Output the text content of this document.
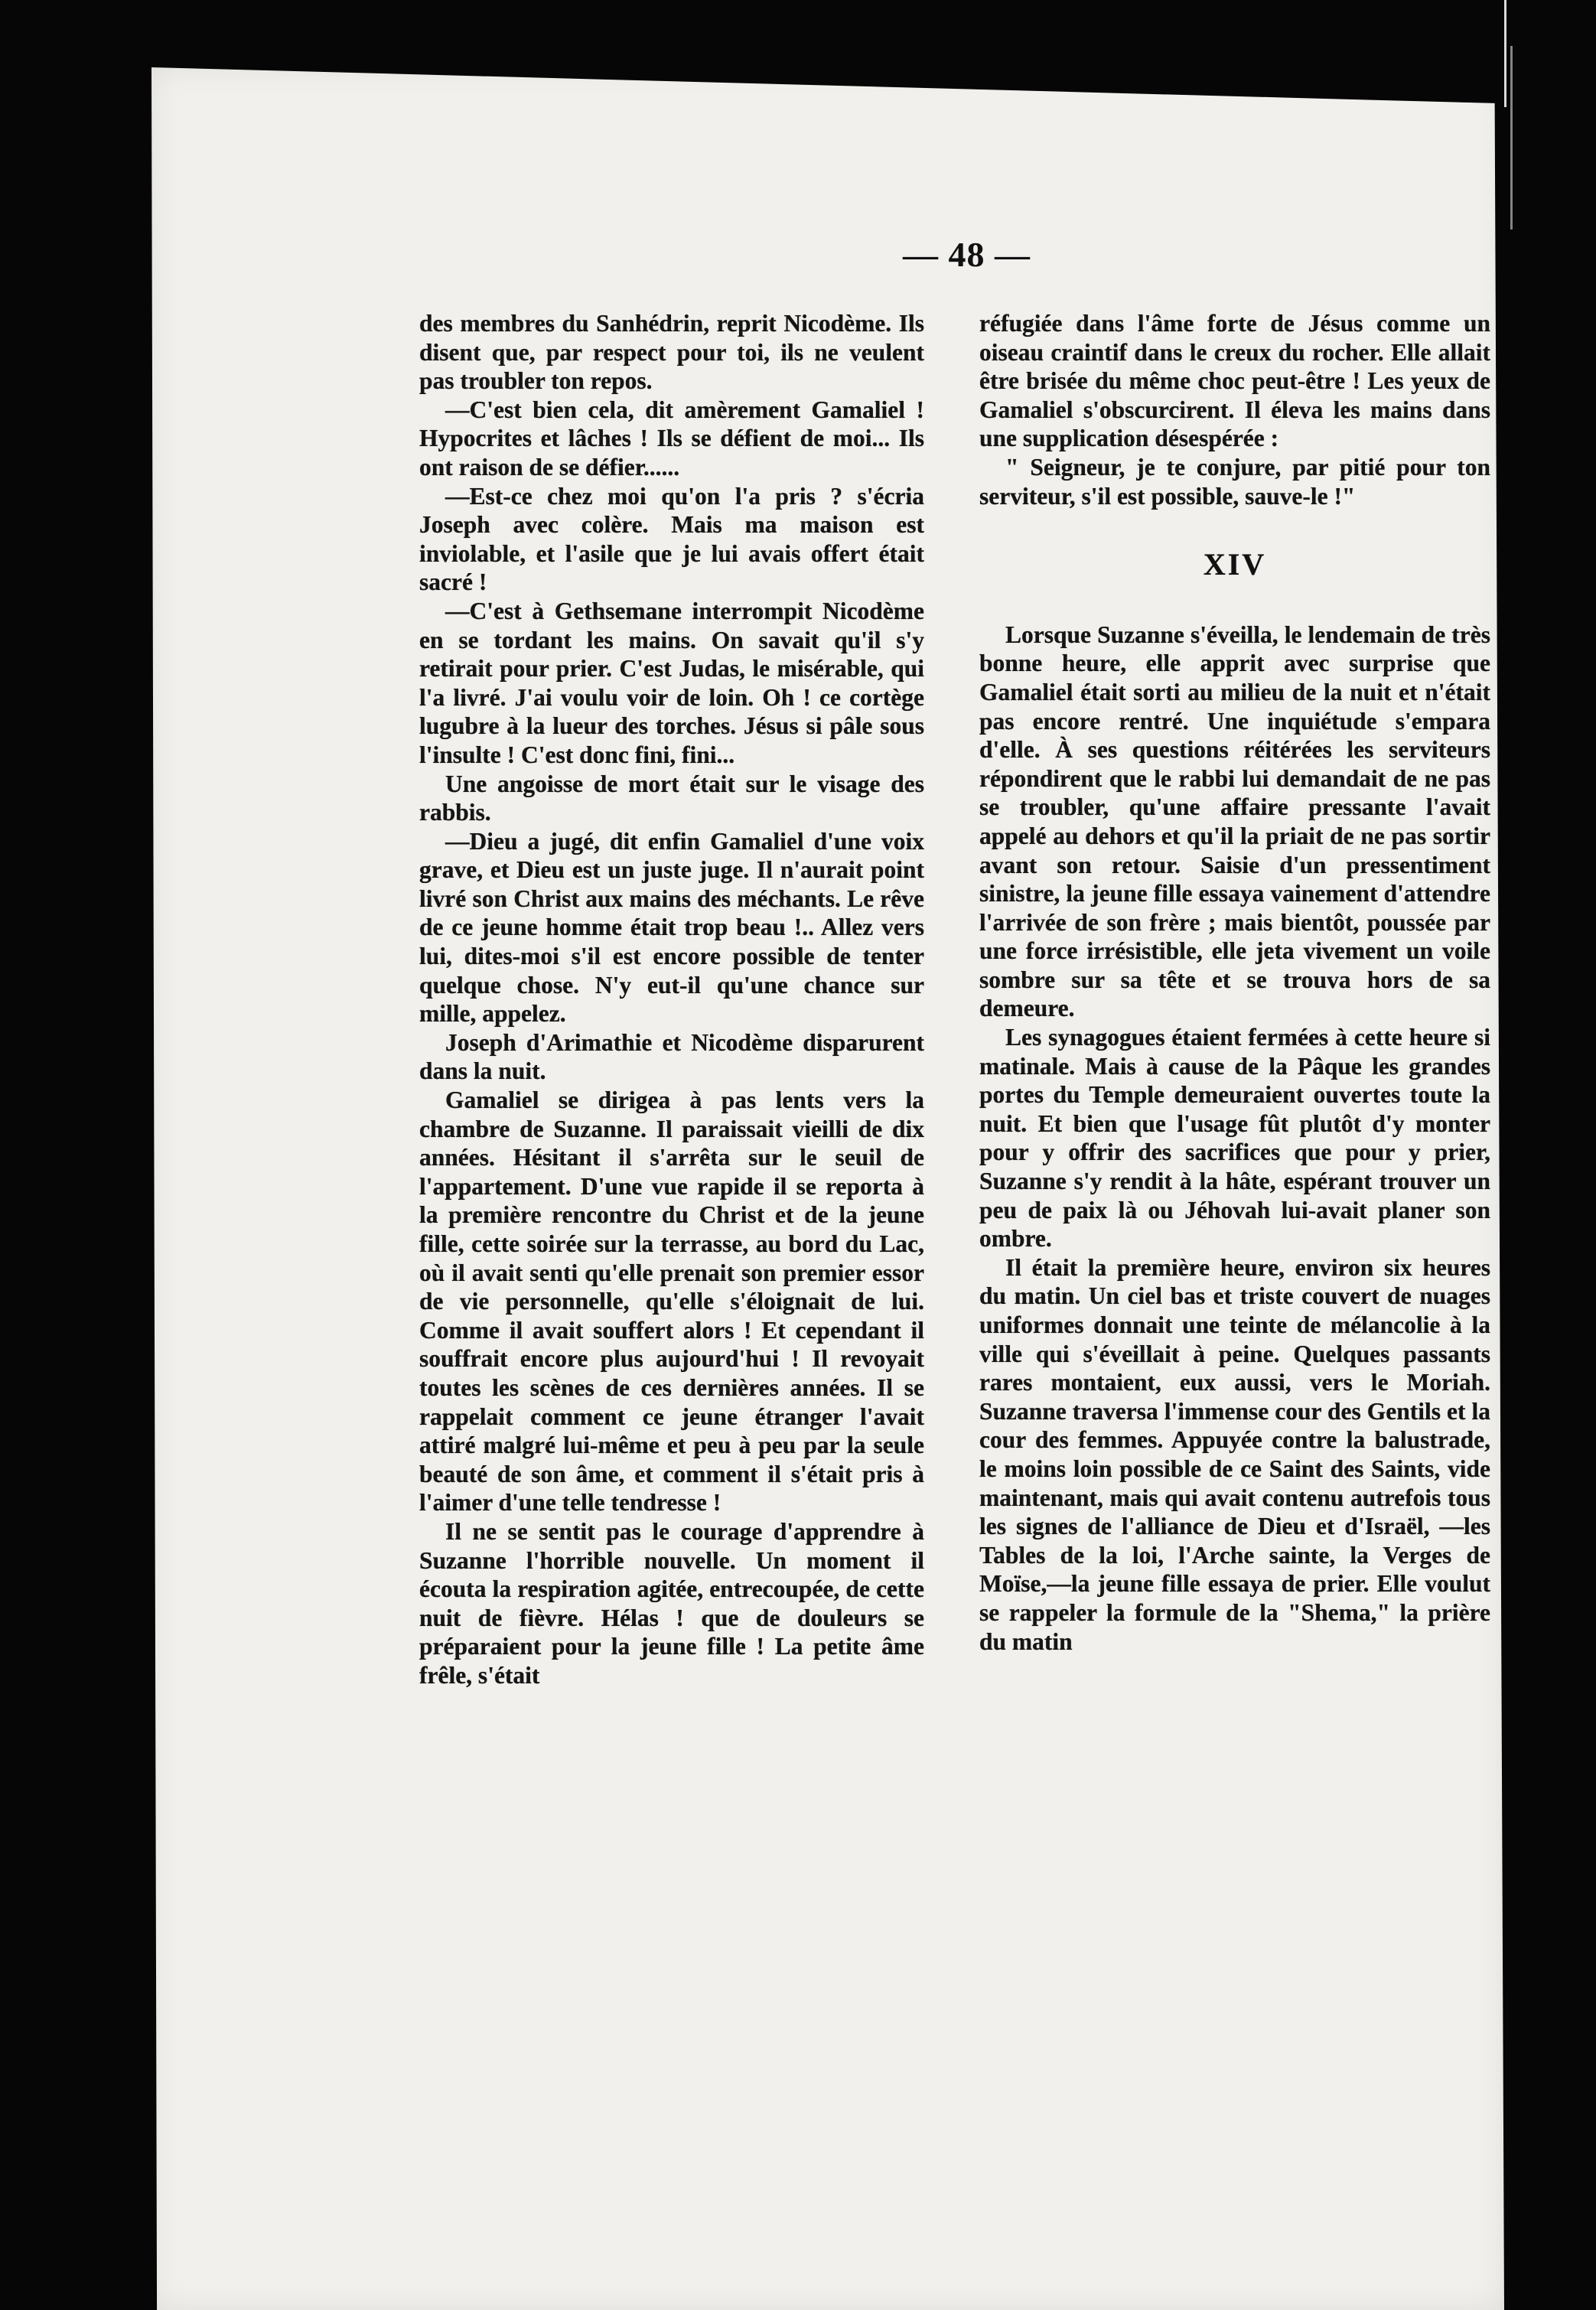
— 48 —

des membres du Sanhédrin, reprit Nicodème. Ils disent que, par respect pour toi, ils ne veulent pas troubler ton repos.

—C'est bien cela, dit amèrement Gamaliel ! Hypocrites et lâches ! Ils se défient de moi... Ils ont raison de se défier......

—Est-ce chez moi qu'on l'a pris ? s'écria Joseph avec colère. Mais ma maison est inviolable, et l'asile que je lui avais offert était sacré !

—C'est à Gethsemane interrompit Nicodème en se tordant les mains. On savait qu'il s'y retirait pour prier. C'est Judas, le misérable, qui l'a livré. J'ai voulu voir de loin. Oh ! ce cortège lugubre à la lueur des torches. Jésus si pâle sous l'insulte ! C'est donc fini, fini...

Une angoisse de mort était sur le visage des rabbis.

—Dieu a jugé, dit enfin Gamaliel d'une voix grave, et Dieu est un juste juge. Il n'aurait point livré son Christ aux mains des méchants. Le rêve de ce jeune homme était trop beau !.. Allez vers lui, dites-moi s'il est encore possible de tenter quelque chose. N'y eut-il qu'une chance sur mille, appelez.

Joseph d'Arimathie et Nicodème disparurent dans la nuit.

Gamaliel se dirigea à pas lents vers la chambre de Suzanne. Il paraissait vieilli de dix années. Hésitant il s'arrêta sur le seuil de l'appartement. D'une vue rapide il se reporta à la première rencontre du Christ et de la jeune fille, cette soirée sur la terrasse, au bord du Lac, où il avait senti qu'elle prenait son premier essor de vie personnelle, qu'elle s'éloignait de lui. Comme il avait souffert alors ! Et cependant il souffrait encore plus aujourd'hui ! Il revoyait toutes les scènes de ces dernières années. Il se rappelait comment ce jeune étranger l'avait attiré malgré lui-même et peu à peu par la seule beauté de son âme, et comment il s'était pris à l'aimer d'une telle tendresse !

Il ne se sentit pas le courage d'apprendre à Suzanne l'horrible nouvelle. Un moment il écouta la respiration agitée, entrecoupée, de cette nuit de fièvre. Hélas ! que de douleurs se préparaient pour la jeune fille ! La petite âme frêle, s'était

réfugiée dans l'âme forte de Jésus comme un oiseau craintif dans le creux du rocher. Elle allait être brisée du même choc peut-être ! Les yeux de Gamaliel s'obscurcirent. Il éleva les mains dans une supplication désespérée :

" Seigneur, je te conjure, par pitié pour ton serviteur, s'il est possible, sauve-le !"

XIV

Lorsque Suzanne s'éveilla, le lendemain de très bonne heure, elle apprit avec surprise que Gamaliel était sorti au milieu de la nuit et n'était pas encore rentré. Une inquiétude s'empara d'elle. À ses questions réitérées les serviteurs répondirent que le rabbi lui demandait de ne pas se troubler, qu'une affaire pressante l'avait appelé au dehors et qu'il la priait de ne pas sortir avant son retour. Saisie d'un pressentiment sinistre, la jeune fille essaya vainement d'attendre l'arrivée de son frère ; mais bientôt, poussée par une force irrésistible, elle jeta vivement un voile sombre sur sa tête et se trouva hors de sa demeure.

Les synagogues étaient fermées à cette heure si matinale. Mais à cause de la Pâque les grandes portes du Temple demeuraient ouvertes toute la nuit. Et bien que l'usage fût plutôt d'y monter pour y offrir des sacrifices que pour y prier, Suzanne s'y rendit à la hâte, espérant trouver un peu de paix là ou Jéhovah lui-avait planer son ombre.

Il était la première heure, environ six heures du matin. Un ciel bas et triste couvert de nuages uniformes donnait une teinte de mélancolie à la ville qui s'éveillait à peine. Quelques passants rares montaient, eux aussi, vers le Moriah. Suzanne traversa l'immense cour des Gentils et la cour des femmes. Appuyée contre la balustrade, le moins loin possible de ce Saint des Saints, vide maintenant, mais qui avait contenu autrefois tous les signes de l'alliance de Dieu et d'Israël, —les Tables de la loi, l'Arche sainte, la Verges de Moïse,—la jeune fille essaya de prier. Elle voulut se rappeler la formule de la "Shema," la prière du matin
